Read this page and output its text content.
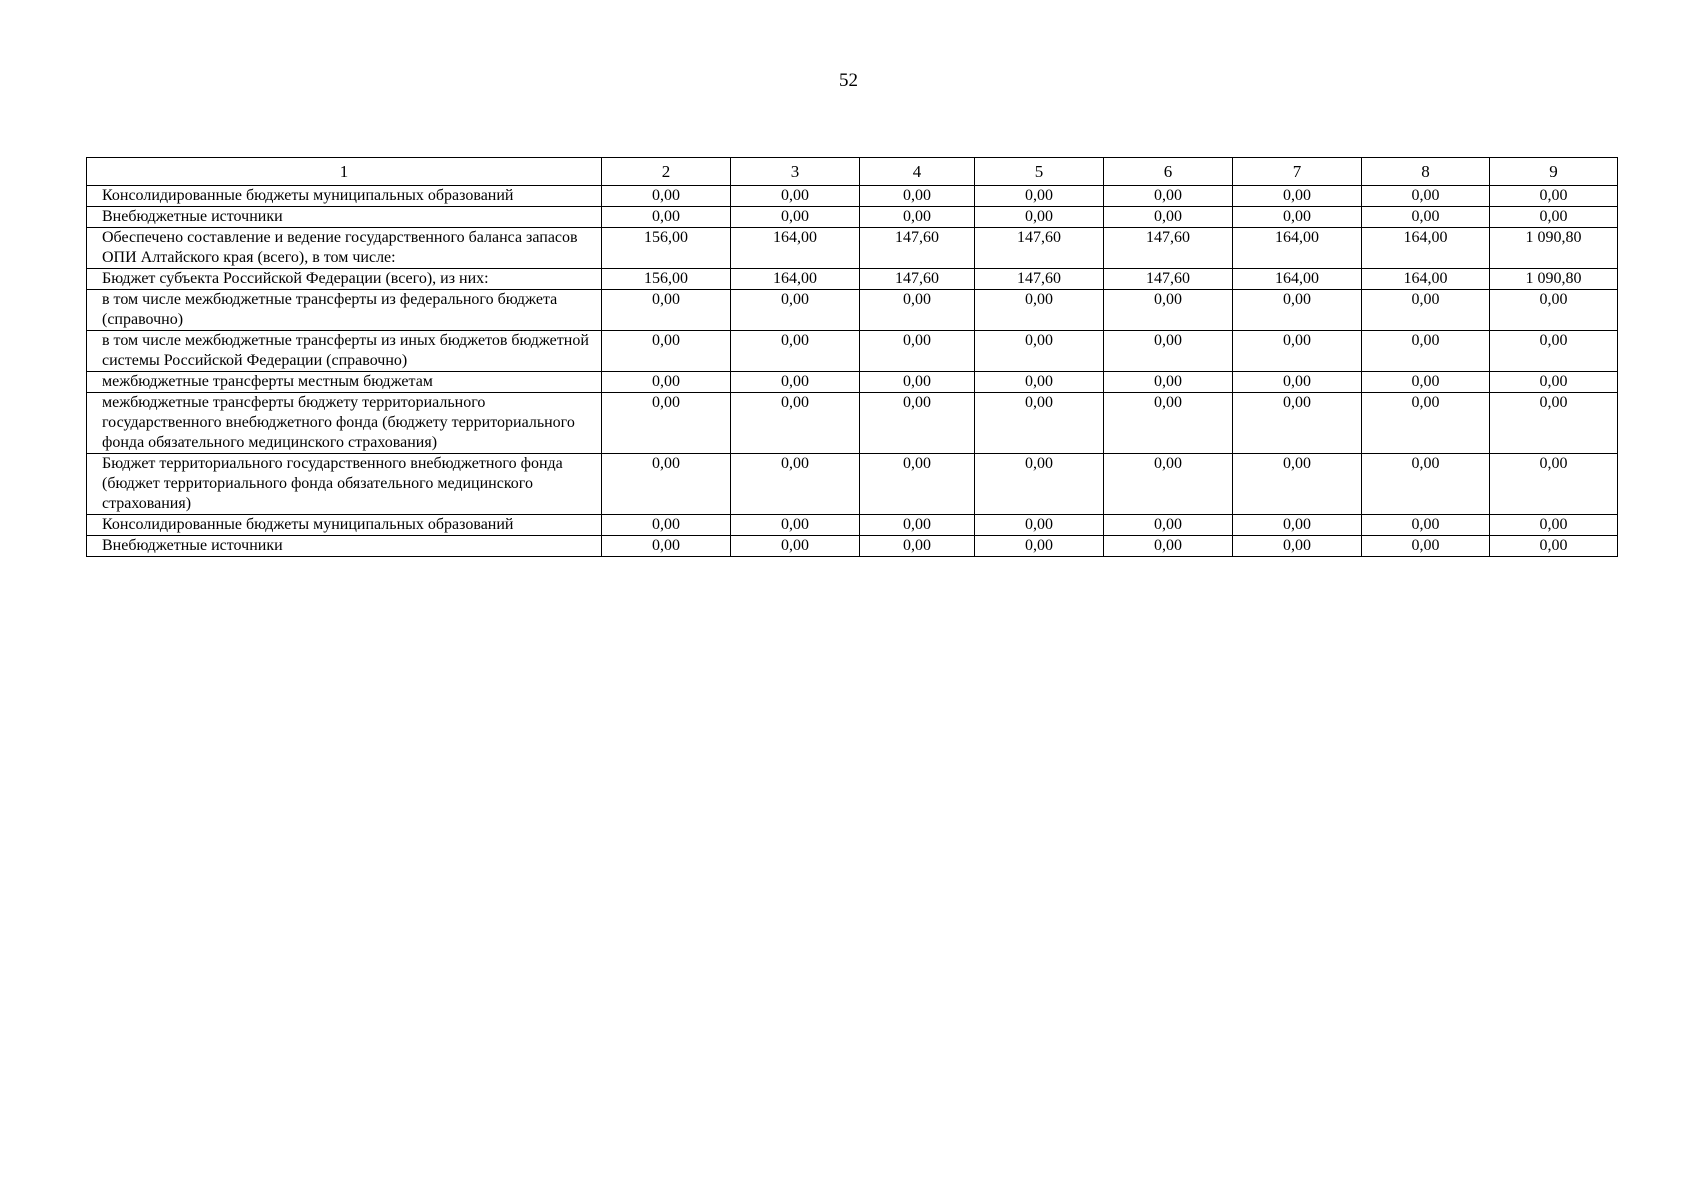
52
1	2	3	4	5	6	7	8	9
Консолидированные бюджеты муниципальных образований	0,00	0,00	0,00	0,00	0,00	0,00	0,00	0,00
Внебюджетные источники	0,00	0,00	0,00	0,00	0,00	0,00	0,00	0,00
Обеспечено составление и ведение государственного баланса запасов ОПИ Алтайского края (всего), в том числе:	156,00	164,00	147,60	147,60	147,60	164,00	164,00	1 090,80
Бюджет субъекта Российской Федерации (всего), из них:	156,00	164,00	147,60	147,60	147,60	164,00	164,00	1 090,80
в том числе межбюджетные трансферты из федерального бюджета (справочно)	0,00	0,00	0,00	0,00	0,00	0,00	0,00	0,00
в том числе межбюджетные трансферты из иных бюджетов бюджетной системы Российской Федерации (справочно)	0,00	0,00	0,00	0,00	0,00	0,00	0,00	0,00
межбюджетные трансферты местным бюджетам	0,00	0,00	0,00	0,00	0,00	0,00	0,00	0,00
межбюджетные трансферты бюджету территориального государственного внебюджетного фонда (бюджету территориального фонда обязательного медицинского страхования)	0,00	0,00	0,00	0,00	0,00	0,00	0,00	0,00
Бюджет территориального государственного внебюджетного фонда (бюджет территориального фонда обязательного медицинского страхования)	0,00	0,00	0,00	0,00	0,00	0,00	0,00	0,00
Консолидированные бюджеты муниципальных образований	0,00	0,00	0,00	0,00	0,00	0,00	0,00	0,00
Внебюджетные источники	0,00	0,00	0,00	0,00	0,00	0,00	0,00	0,00
